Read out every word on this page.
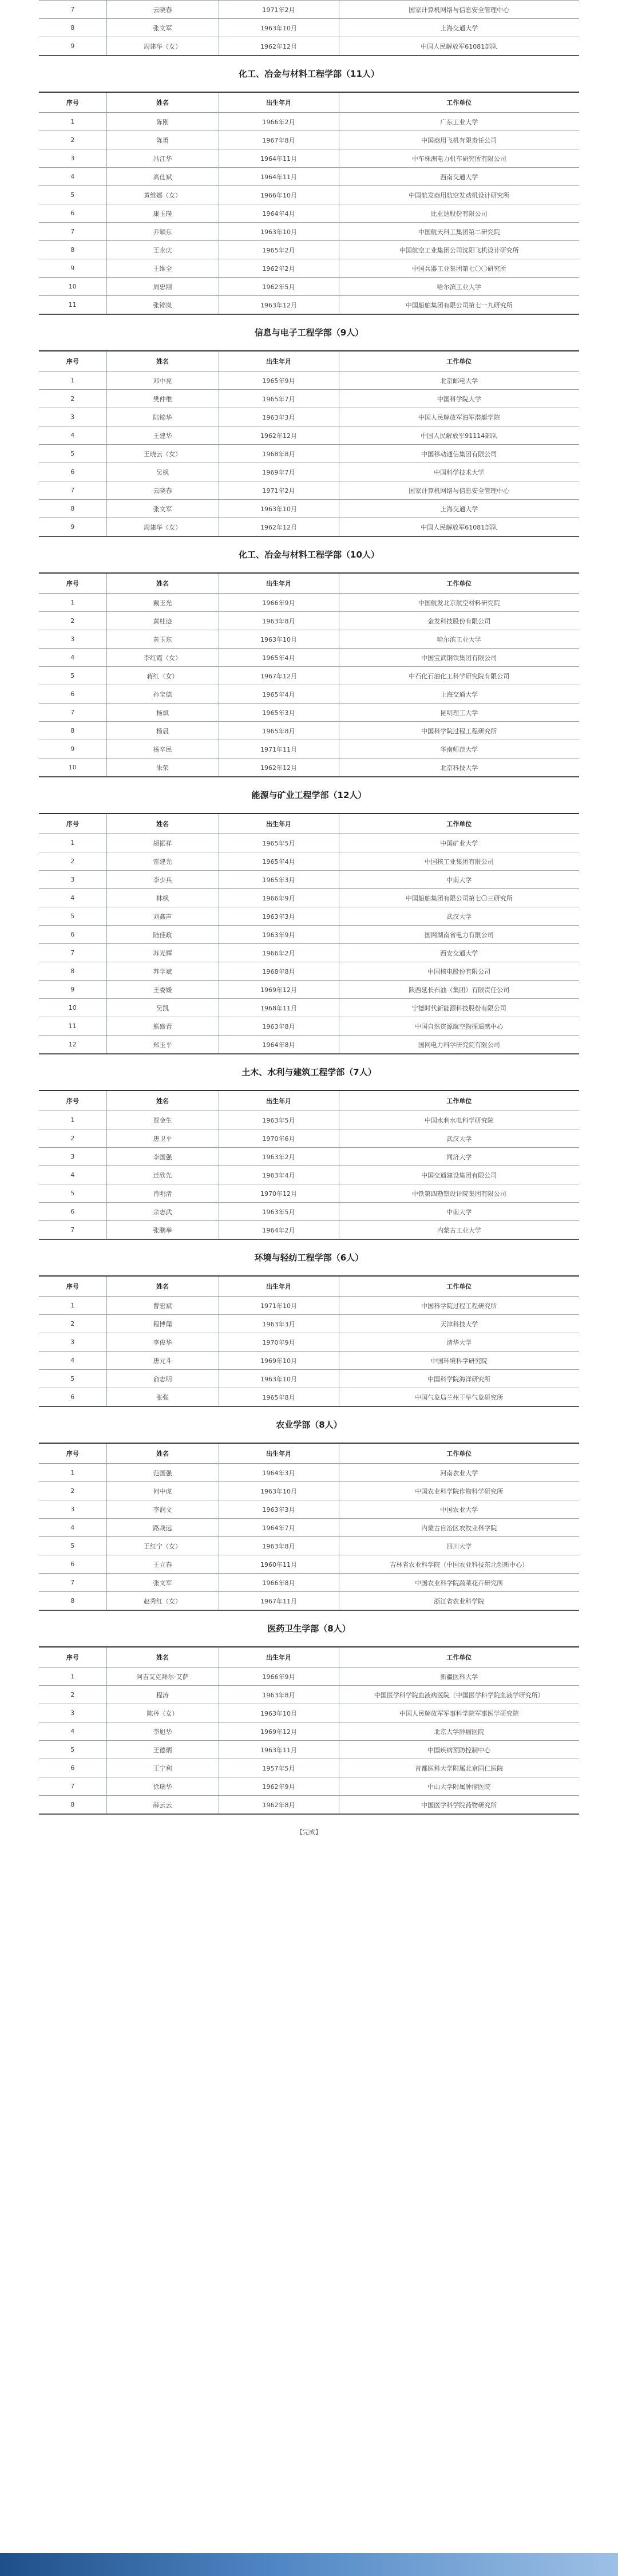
7	云晓春	1971年2月	国家计算机网络与信息安全管理中心
8	张文军	1963年10月	上海交通大学
9	周建华（女）	1962年12月	中国人民解放军61081部队
化工、冶金与材料工程学部（11人）
序号	姓名	出生年月	工作单位
1	陈刚	1966年2月	广东工业大学
2	陈勇	1967年8月	中国商用飞机有限责任公司
3	冯江华	1964年11月	中车株洲电力机车研究所有限公司
4	高仕斌	1964年11月	西南交通大学
5	黄维娜（女）	1966年10月	中国航发商用航空发动机设计研究所
6	康玉璞	1964年4月	比亚迪股份有限公司
7	乔颖东	1963年10月	中国航天科工集团第二研究院
8	王永庆	1965年2月	中国航空工业集团公司沈阳飞机设计研究所
9	王维全	1962年2月	中国兵器工业集团第七〇〇研究所
10	周忠刚	1962年5月	哈尔滨工业大学
11	张锦岚	1963年12月	中国船舶集团有限公司第七一九研究所
信息与电子工程学部（9人）
序号	姓名	出生年月	工作单位
1	邓中亮	1965年9月	北京邮电大学
2	樊仲维	1965年7月	中国科学院大学
3	陆锦华	1963年3月	中国人民解放军海军潜艇学院
4	王建华	1962年12月	中国人民解放军91114部队
5	王晓云（女）	1968年8月	中国移动通信集团有限公司
6	吴枫	1969年7月	中国科学技术大学
7	云晓春	1971年2月	国家计算机网络与信息安全管理中心
8	张文军	1963年10月	上海交通大学
9	周建华（女）	1962年12月	中国人民解放军61081部队
化工、冶金与材料工程学部（10人）
序号	姓名	出生年月	工作单位
1	戴玉光	1966年9月	中国航发北京航空材料研究院
2	黄桂迹	1963年8月	金发科技股份有限公司
3	黄玉东	1963年10月	哈尔滨工业大学
4	李红霞（女）	1965年4月	中国宝武钢铁集团有限公司
5	蒋红（女）	1967年12月	中石化石油化工科学研究院有限公司
6	孙宝德	1965年4月	上海交通大学
7	杨斌	1965年3月	昆明理工大学
8	杨晨	1965年8月	中国科学院过程工程研究所
9	杨辛民	1971年11月	华南师范大学
10	朱荣	1962年12月	北京科技大学
能源与矿业工程学部（12人）
序号	姓名	出生年月	工作单位
1	胡振祥	1965年5月	中国矿业大学
2	雷建光	1965年4月	中国核工业集团有限公司
3	李少兵	1965年3月	中南大学
4	林枫	1966年9月	中国船舶集团有限公司第七〇三研究所
5	刘鑫声	1963年3月	武汉大学
6	陆佳政	1963年9月	国网湖南省电力有限公司
7	苏光辉	1966年2月	西安交通大学
8	苏学斌	1968年8月	中国核电股份有限公司
9	王委媛	1969年12月	陕西延长石油（集团）有限责任公司
10	吴凯	1968年11月	宁德时代新能源科技股份有限公司
11	熊盛青	1963年8月	中国自然资源航空物探遥感中心
12	郑玉平	1964年8月	国网电力科学研究院有限公司
土木、水利与建筑工程学部（7人）
序号	姓名	出生年月	工作单位
1	贾金生	1963年5月	中国水利水电科学研究院
2	唐卫平	1970年6月	武汉大学
3	李国强	1963年2月	同济大学
4	迁欣先	1963年4月	中国交通建设集团有限公司
5	肖明清	1970年12月	中铁第四勘察设计院集团有限公司
6	余志武	1963年5月	中南大学
7	张鹏举	1964年2月	内蒙古工业大学
环境与轻纺工程学部（6人）
序号	姓名	出生年月	工作单位
1	曹宏斌	1971年10月	中国科学院过程工程研究所
2	程博闻	1963年3月	天津科技大学
3	李俊华	1970年9月	清华大学
4	唐元斗	1969年10月	中国环境科学研究院
5	俞志明	1963年10月	中国科学院海洋研究所
6	张强	1965年8月	中国气象局兰州干旱气象研究所
农业学部（8人）
序号	姓名	出生年月	工作单位
1	范国强	1964年3月	河南农业大学
2	何中虎	1963年10月	中国农业科学院作物科学研究所
3	李润文	1963年3月	中国农业大学
4	路战远	1964年7月	内蒙古自治区农牧业科学院
5	王红宁（女）	1963年8月	四川大学
6	王立春	1960年11月	吉林省农业科学院（中国农业科技东北创新中心）
7	张文军	1966年8月	中国农业科学院蔬菜花卉研究所
8	赵秀红（女）	1967年11月	浙江省农业科学院
医药卫生学部（8人）
序号	姓名	出生年月	工作单位
1	阿吉艾克拜尔·艾萨	1966年9月	新疆医科大学
2	程涛	1963年8月	中国医学科学院血液病医院（中国医学科学院血液学研究所）
3	陈丹（女）	1963年10月	中国人民解放军军事科学院军事医学研究院
4	李旭华	1969年12月	北京大学肿瘤医院
5	王德炳	1963年11月	中国疾病预防控制中心
6	王宁利	1957年5月	首都医科大学附属北京同仁医院
7	徐瑞华	1962年9月	中山大学附属肿瘤医院
8	薛云云	1962年8月	中国医学科学院药物研究所
【完成】
